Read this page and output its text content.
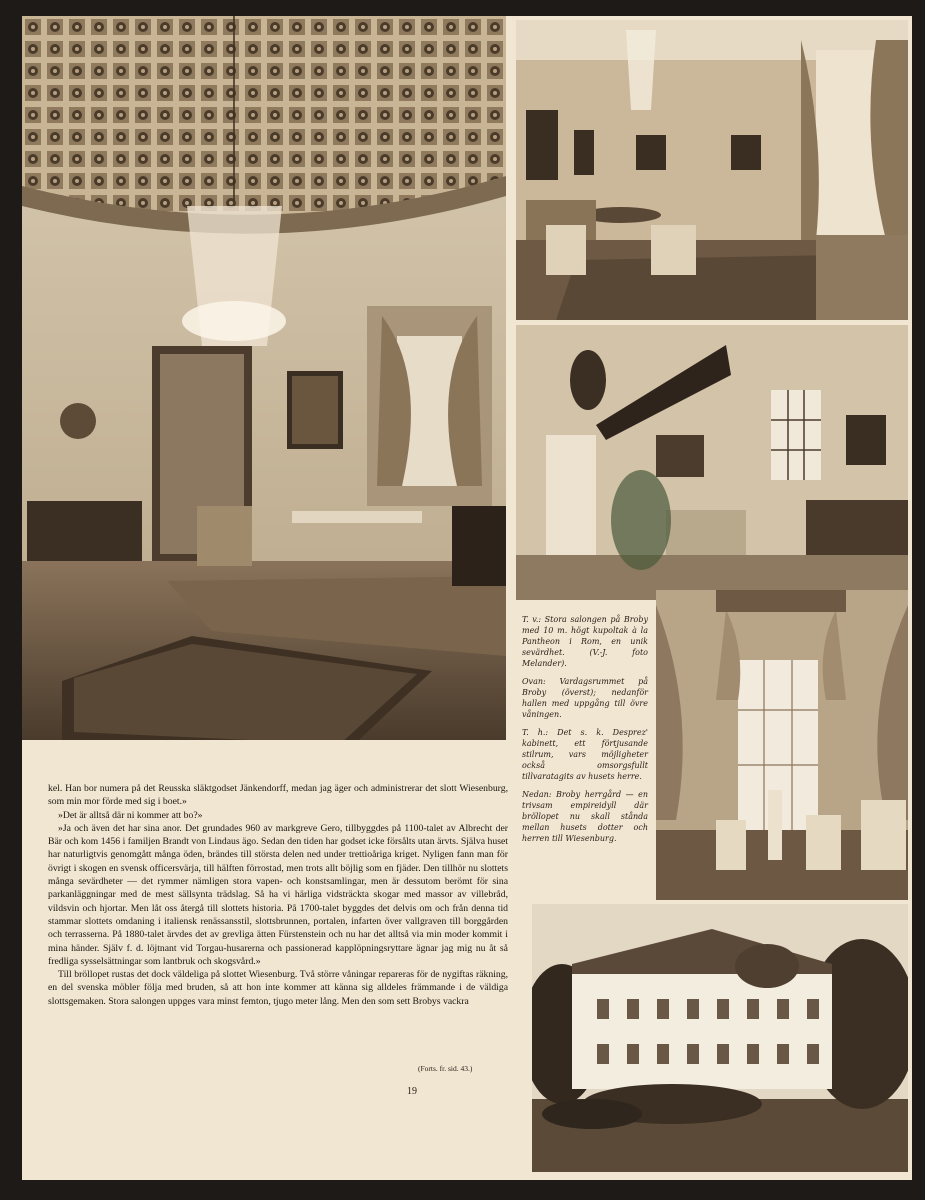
T. v.: Stora salongen på Broby med 10 m. högt kupoltak à la Pantheon i Rom, en unik sevärdhet. (V.-J. foto Melander).

Ovan: Vardagsrummet på Broby (överst); nedanför hallen med uppgång till övre våningen.

T. h.: Det s. k. Desprez' kabinett, ett förtjusande stilrum, vars möjligheter också omsorgsfullt tillvaratagits av husets herre.

Nedan: Broby herrgård — en trivsam empireidyll där bröllopet nu skall stånda mellan husets dotter och herren till Wiesenburg.

kel. Han bor numera på det Reusska släktgodset Jänkendorff, medan jag äger och administrerar det slott Wiesenburg, som min mor förde med sig i boet.»

»Det är alltså där ni kommer att bo?»

»Ja och även det har sina anor. Det grundades 960 av markgreve Gero, tillbyggdes på 1100-talet av Albrecht der Bär och kom 1456 i familjen Brandt von Lindaus ägo. Sedan den tiden har godset icke försålts utan ärvts. Själva huset har naturligtvis genomgått många öden, brändes till största delen ned under trettioåriga kriget. Nyligen fann man för övrigt i skogen en svensk officersvärja, till hälften förrostad, men trots allt böjlig som en fjäder. Den tillhör nu slottets många sevärdheter — det rymmer nämligen stora vapen- och konstsamlingar, men är dessutom berömt för sina parkanläggningar med de mest sällsynta trädslag. Så ha vi härliga vidsträckta skogar med massor av villebråd, vildsvin och hjortar. Men låt oss återgå till slottets historia. På 1700-talet byggdes det delvis om och från denna tid stammar slottets omdaning i italiensk renässansstil, slottsbrunnen, portalen, infarten över vallgraven till borggården och terrasserna. På 1880-talet ärvdes det av grevliga ätten Fürstenstein och nu har det alltså via min moder kommit i mina händer. Själv f. d. löjtnant vid Torgau-husarerna och passionerad kapplöpningsryttare ägnar jag mig nu åt så fredliga sysselsättningar som lantbruk och skogsvård.»

Till bröllopet rustas det dock väldeliga på slottet Wiesenburg. Två större våningar repareras för de nygiftas räkning, en del svenska möbler följa med bruden, så att hon inte kommer att känna sig alldeles främmande i de väldiga slottsgemaken. Stora salongen uppges vara minst femton, tjugo meter lång. Men den som sett Brobys vackra

(Forts. fr. sid. 43.)
19
